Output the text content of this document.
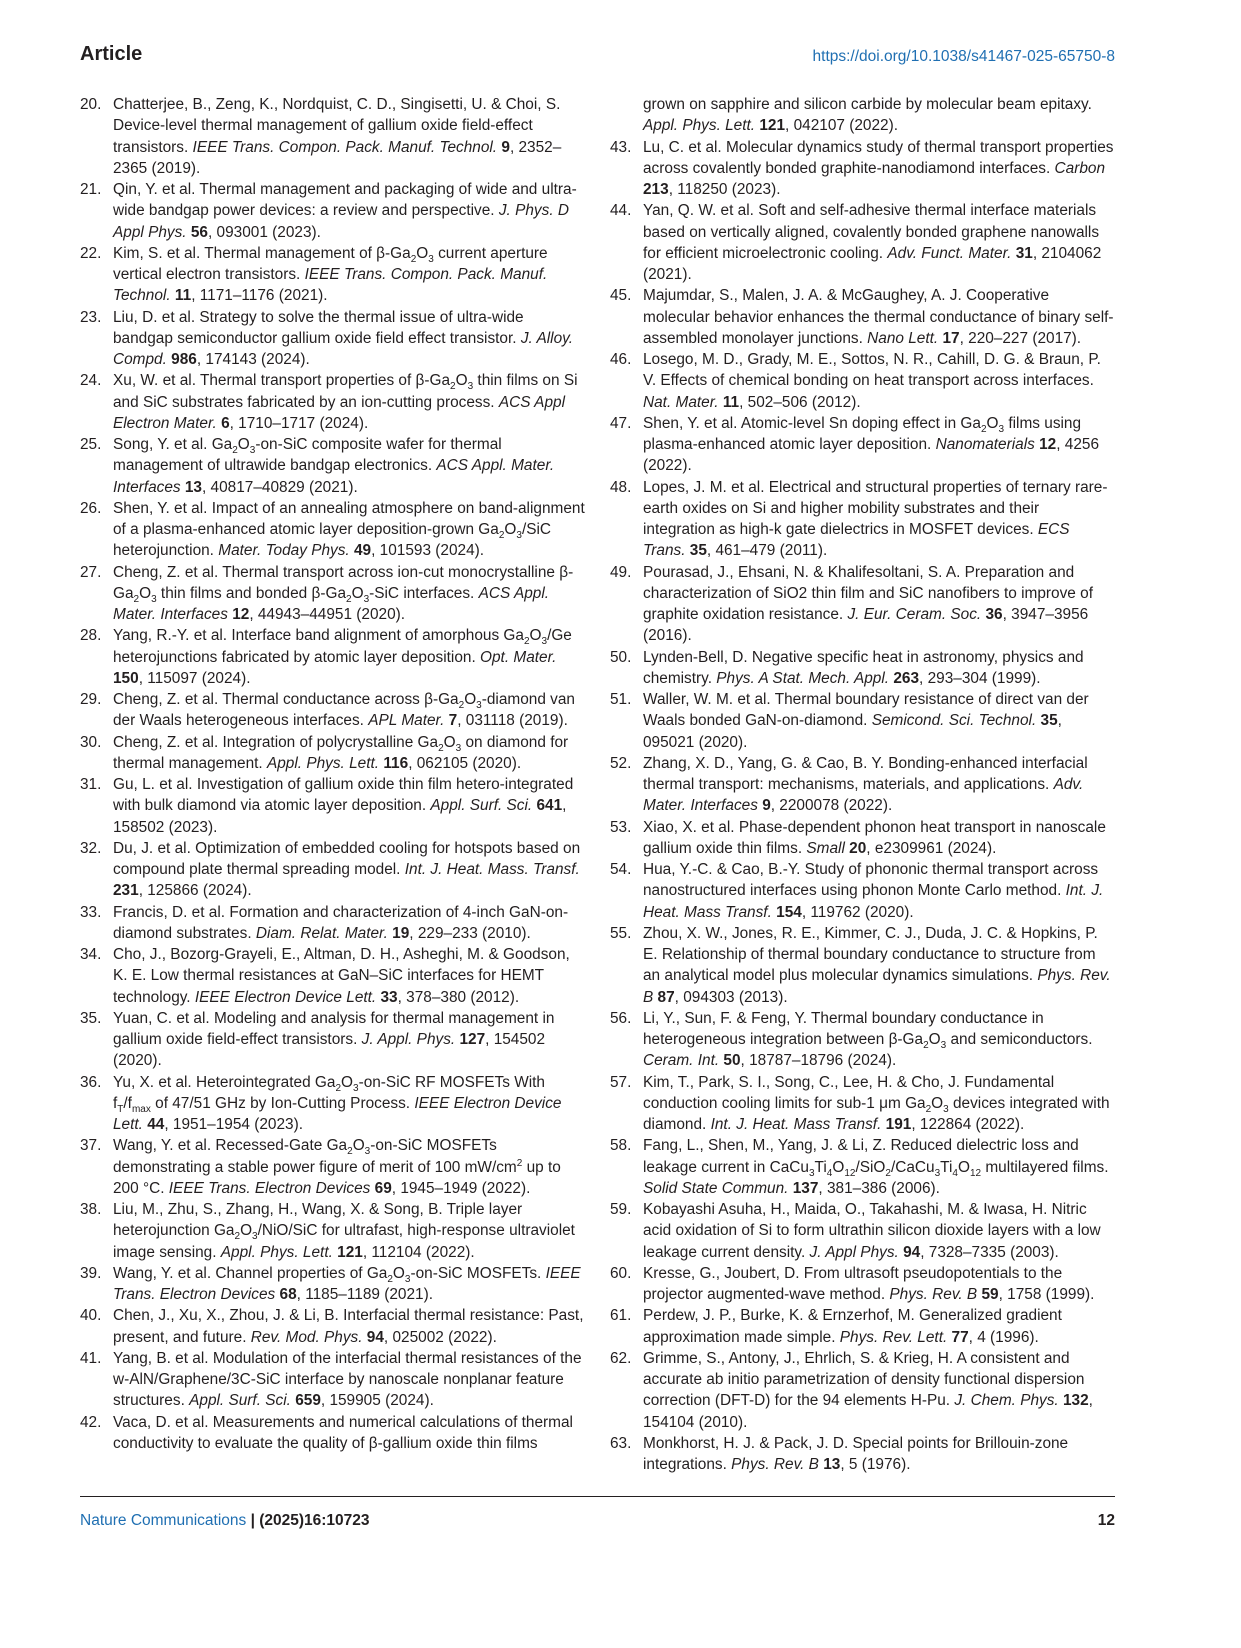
Article	https://doi.org/10.1038/s41467-025-65750-8
20. Chatterjee, B., Zeng, K., Nordquist, C. D., Singisetti, U. & Choi, S. Device-level thermal management of gallium oxide field-effect transistors. IEEE Trans. Compon. Pack. Manuf. Technol. 9, 2352–2365 (2019).
21. Qin, Y. et al. Thermal management and packaging of wide and ultra-wide bandgap power devices: a review and perspective. J. Phys. D Appl Phys. 56, 093001 (2023).
22. Kim, S. et al. Thermal management of $\beta-Ga_2O_3$ current aperture vertical electron transistors. IEEE Trans. Compon. Pack. Manuf. Technol. 11, 1171–1176 (2021).
23. Liu, D. et al. Strategy to solve the thermal issue of ultra-wide bandgap semiconductor gallium oxide field effect transistor. J. Alloy. Compd. 986, 174143 (2024).
24. Xu, W. et al. Thermal transport properties of $\beta-Ga_2O_3$ thin films on Si and SiC substrates fabricated by an ion-cutting process. ACS Appl Electron Mater. 6, 1710–1717 (2024).
25. Song, Y. et al. $Ga_2O_3-on$-SiC composite wafer for thermal management of ultrawide bandgap electronics. ACS Appl. Mater. Interfaces 13, 40817–40829 (2021).
26. Shen, Y. et al. Impact of an annealing atmosphere on band-alignment of a plasma-enhanced atomic layer deposition-grown $Ga_2O_3$/SiC heterojunction. Mater. Today Phys. 49, 101593 (2024).
27. Cheng, Z. et al. Thermal transport across ion-cut monocrystalline $\beta-Ga_2O_3$ thin films and bonded $\beta-Ga_2O_3$-SiC interfaces. ACS Appl. Mater. Interfaces 12, 44943–44951 (2020).
28. Yang, R.-Y. et al. Interface band alignment of amorphous $Ga_2O_3/Ge$ heterojunctions fabricated by atomic layer deposition. Opt. Mater. 150, 115097 (2024).
29. Cheng, Z. et al. Thermal conductance across $\beta-Ga_2O_3$-diamond van der Waals heterogeneous interfaces. APL Mater. 7, 031118 (2019).
30. Cheng, Z. et al. Integration of polycrystalline $Ga_2O_3$ on diamond for thermal management. Appl. Phys. Lett. 116, 062105 (2020).
31. Gu, L. et al. Investigation of gallium oxide thin film hetero-integrated with bulk diamond via atomic layer deposition. Appl. Surf. Sci. 641, 158502 (2023).
32. Du, J. et al. Optimization of embedded cooling for hotspots based on compound plate thermal spreading model. Int. J. Heat. Mass. Transf. 231, 125866 (2024).
33. Francis, D. et al. Formation and characterization of 4-inch GaN-on-diamond substrates. Diam. Relat. Mater. 19, 229–233 (2010).
34. Cho, J., Bozorg-Grayeli, E., Altman, D. H., Asheghi, M. & Goodson, K. E. Low thermal resistances at GaN–SiC interfaces for HEMT technology. IEEE Electron Device Lett. 33, 378–380 (2012).
35. Yuan, C. et al. Modeling and analysis for thermal management in gallium oxide field-effect transistors. J. Appl. Phys. 127, 154502 (2020).
36. Yu, X. et al. Heterointegrated $Ga_2O_3-on$-SiC RF MOSFETs With $f_T/f_{max}$ of 47/51 GHz by Ion-Cutting Process. IEEE Electron Device Lett. 44, 1951–1954 (2023).
37. Wang, Y. et al. Recessed-Gate $Ga_2O_3-on$-SiC MOSFETs demonstrating a stable power figure of merit of 100 $mW/cm^2$ up to 200 °C. IEEE Trans. Electron Devices 69, 1945–1949 (2022).
38. Liu, M., Zhu, S., Zhang, H., Wang, X. & Song, B. Triple layer heterojunction $Ga_2O_3/NiO$/SiC for ultrafast, high-response ultraviolet image sensing. Appl. Phys. Lett. 121, 112104 (2022).
39. Wang, Y. et al. Channel properties of $Ga_2O_3-on$-SiC MOSFETs. IEEE Trans. Electron Devices 68, 1185–1189 (2021).
40. Chen, J., Xu, X., Zhou, J. & Li, B. Interfacial thermal resistance: Past, present, and future. Rev. Mod. Phys. 94, 025002 (2022).
41. Yang, B. et al. Modulation of the interfacial thermal resistances of the w-AlN/Graphene/3C-SiC interface by nanoscale nonplanar feature structures. Appl. Surf. Sci. 659, 159905 (2024).
42. Vaca, D. et al. Measurements and numerical calculations of thermal conductivity to evaluate the quality of β-gallium oxide thin films
grown on sapphire and silicon carbide by molecular beam epitaxy. Appl. Phys. Lett. 121, 042107 (2022).
43. Lu, C. et al. Molecular dynamics study of thermal transport properties across covalently bonded graphite-nanodiamond interfaces. Carbon 213, 118250 (2023).
44. Yan, Q. W. et al. Soft and self-adhesive thermal interface materials based on vertically aligned, covalently bonded graphene nanowalls for efficient microelectronic cooling. Adv. Funct. Mater. 31, 2104062 (2021).
45. Majumdar, S., Malen, J. A. & McGaughey, A. J. Cooperative molecular behavior enhances the thermal conductance of binary self-assembled monolayer junctions. Nano Lett. 17, 220–227 (2017).
46. Losego, M. D., Grady, M. E., Sottos, N. R., Cahill, D. G. & Braun, P. V. Effects of chemical bonding on heat transport across interfaces. Nat. Mater. 11, 502–506 (2012).
47. Shen, Y. et al. Atomic-level Sn doping effect in $Ga_2O_3$ films using plasma-enhanced atomic layer deposition. Nanomaterials 12, 4256 (2022).
48. Lopes, J. M. et al. Electrical and structural properties of ternary rare-earth oxides on Si and higher mobility substrates and their integration as high-k gate dielectrics in MOSFET devices. ECS Trans. 35, 461–479 (2011).
49. Pourasad, J., Ehsani, N. & Khalifesoltani, S. A. Preparation and characterization of SiO2 thin film and SiC nanofibers to improve of graphite oxidation resistance. J. Eur. Ceram. Soc. 36, 3947–3956 (2016).
50. Lynden-Bell, D. Negative specific heat in astronomy, physics and chemistry. Phys. A Stat. Mech. Appl. 263, 293–304 (1999).
51. Waller, W. M. et al. Thermal boundary resistance of direct van der Waals bonded GaN-on-diamond. Semicond. Sci. Technol. 35, 095021 (2020).
52. Zhang, X. D., Yang, G. & Cao, B. Y. Bonding-enhanced interfacial thermal transport: mechanisms, materials, and applications. Adv. Mater. Interfaces 9, 2200078 (2022).
53. Xiao, X. et al. Phase-dependent phonon heat transport in nanoscale gallium oxide thin films. Small 20, e2309961 (2024).
54. Hua, Y.-C. & Cao, B.-Y. Study of phononic thermal transport across nanostructured interfaces using phonon Monte Carlo method. Int. J. Heat. Mass Transf. 154, 119762 (2020).
55. Zhou, X. W., Jones, R. E., Kimmer, C. J., Duda, J. C. & Hopkins, P. E. Relationship of thermal boundary conductance to structure from an analytical model plus molecular dynamics simulations. Phys. Rev. B 87, 094303 (2013).
56. Li, Y., Sun, F. & Feng, Y. Thermal boundary conductance in heterogeneous integration between $\beta-Ga_2O_3$ and semiconductors. Ceram. Int. 50, 18787–18796 (2024).
57. Kim, T., Park, S. I., Song, C., Lee, H. & Cho, J. Fundamental conduction cooling limits for sub-1 μm $Ga_2O_3$ devices integrated with diamond. Int. J. Heat. Mass Transf. 191, 122864 (2022).
58. Fang, L., Shen, M., Yang, J. & Li, Z. Reduced dielectric loss and leakage current in $CaCu_3Ti_4O_{12}/SiO_2/CaCu_3Ti_4O_{12}$ multilayered films. Solid State Commun. 137, 381–386 (2006).
59. Kobayashi Asuha, H., Maida, O., Takahashi, M. & Iwasa, H. Nitric acid oxidation of Si to form ultrathin silicon dioxide layers with a low leakage current density. J. Appl Phys. 94, 7328–7335 (2003).
60. Kresse, G., Joubert, D. From ultrasoft pseudopotentials to the projector augmented-wave method. Phys. Rev. B 59, 1758 (1999).
61. Perdew, J. P., Burke, K. & Ernzerhof, M. Generalized gradient approximation made simple. Phys. Rev. Lett. 77, 4 (1996).
62. Grimme, S., Antony, J., Ehrlich, S. & Krieg, H. A consistent and accurate ab initio parametrization of density functional dispersion correction (DFT-D) for the 94 elements H-Pu. J. Chem. Phys. 132, 154104 (2010).
63. Monkhorst, H. J. & Pack, J. D. Special points for Brillouin-zone integrations. Phys. Rev. B 13, 5 (1976).
Nature Communications | (2025)16:10723	12
